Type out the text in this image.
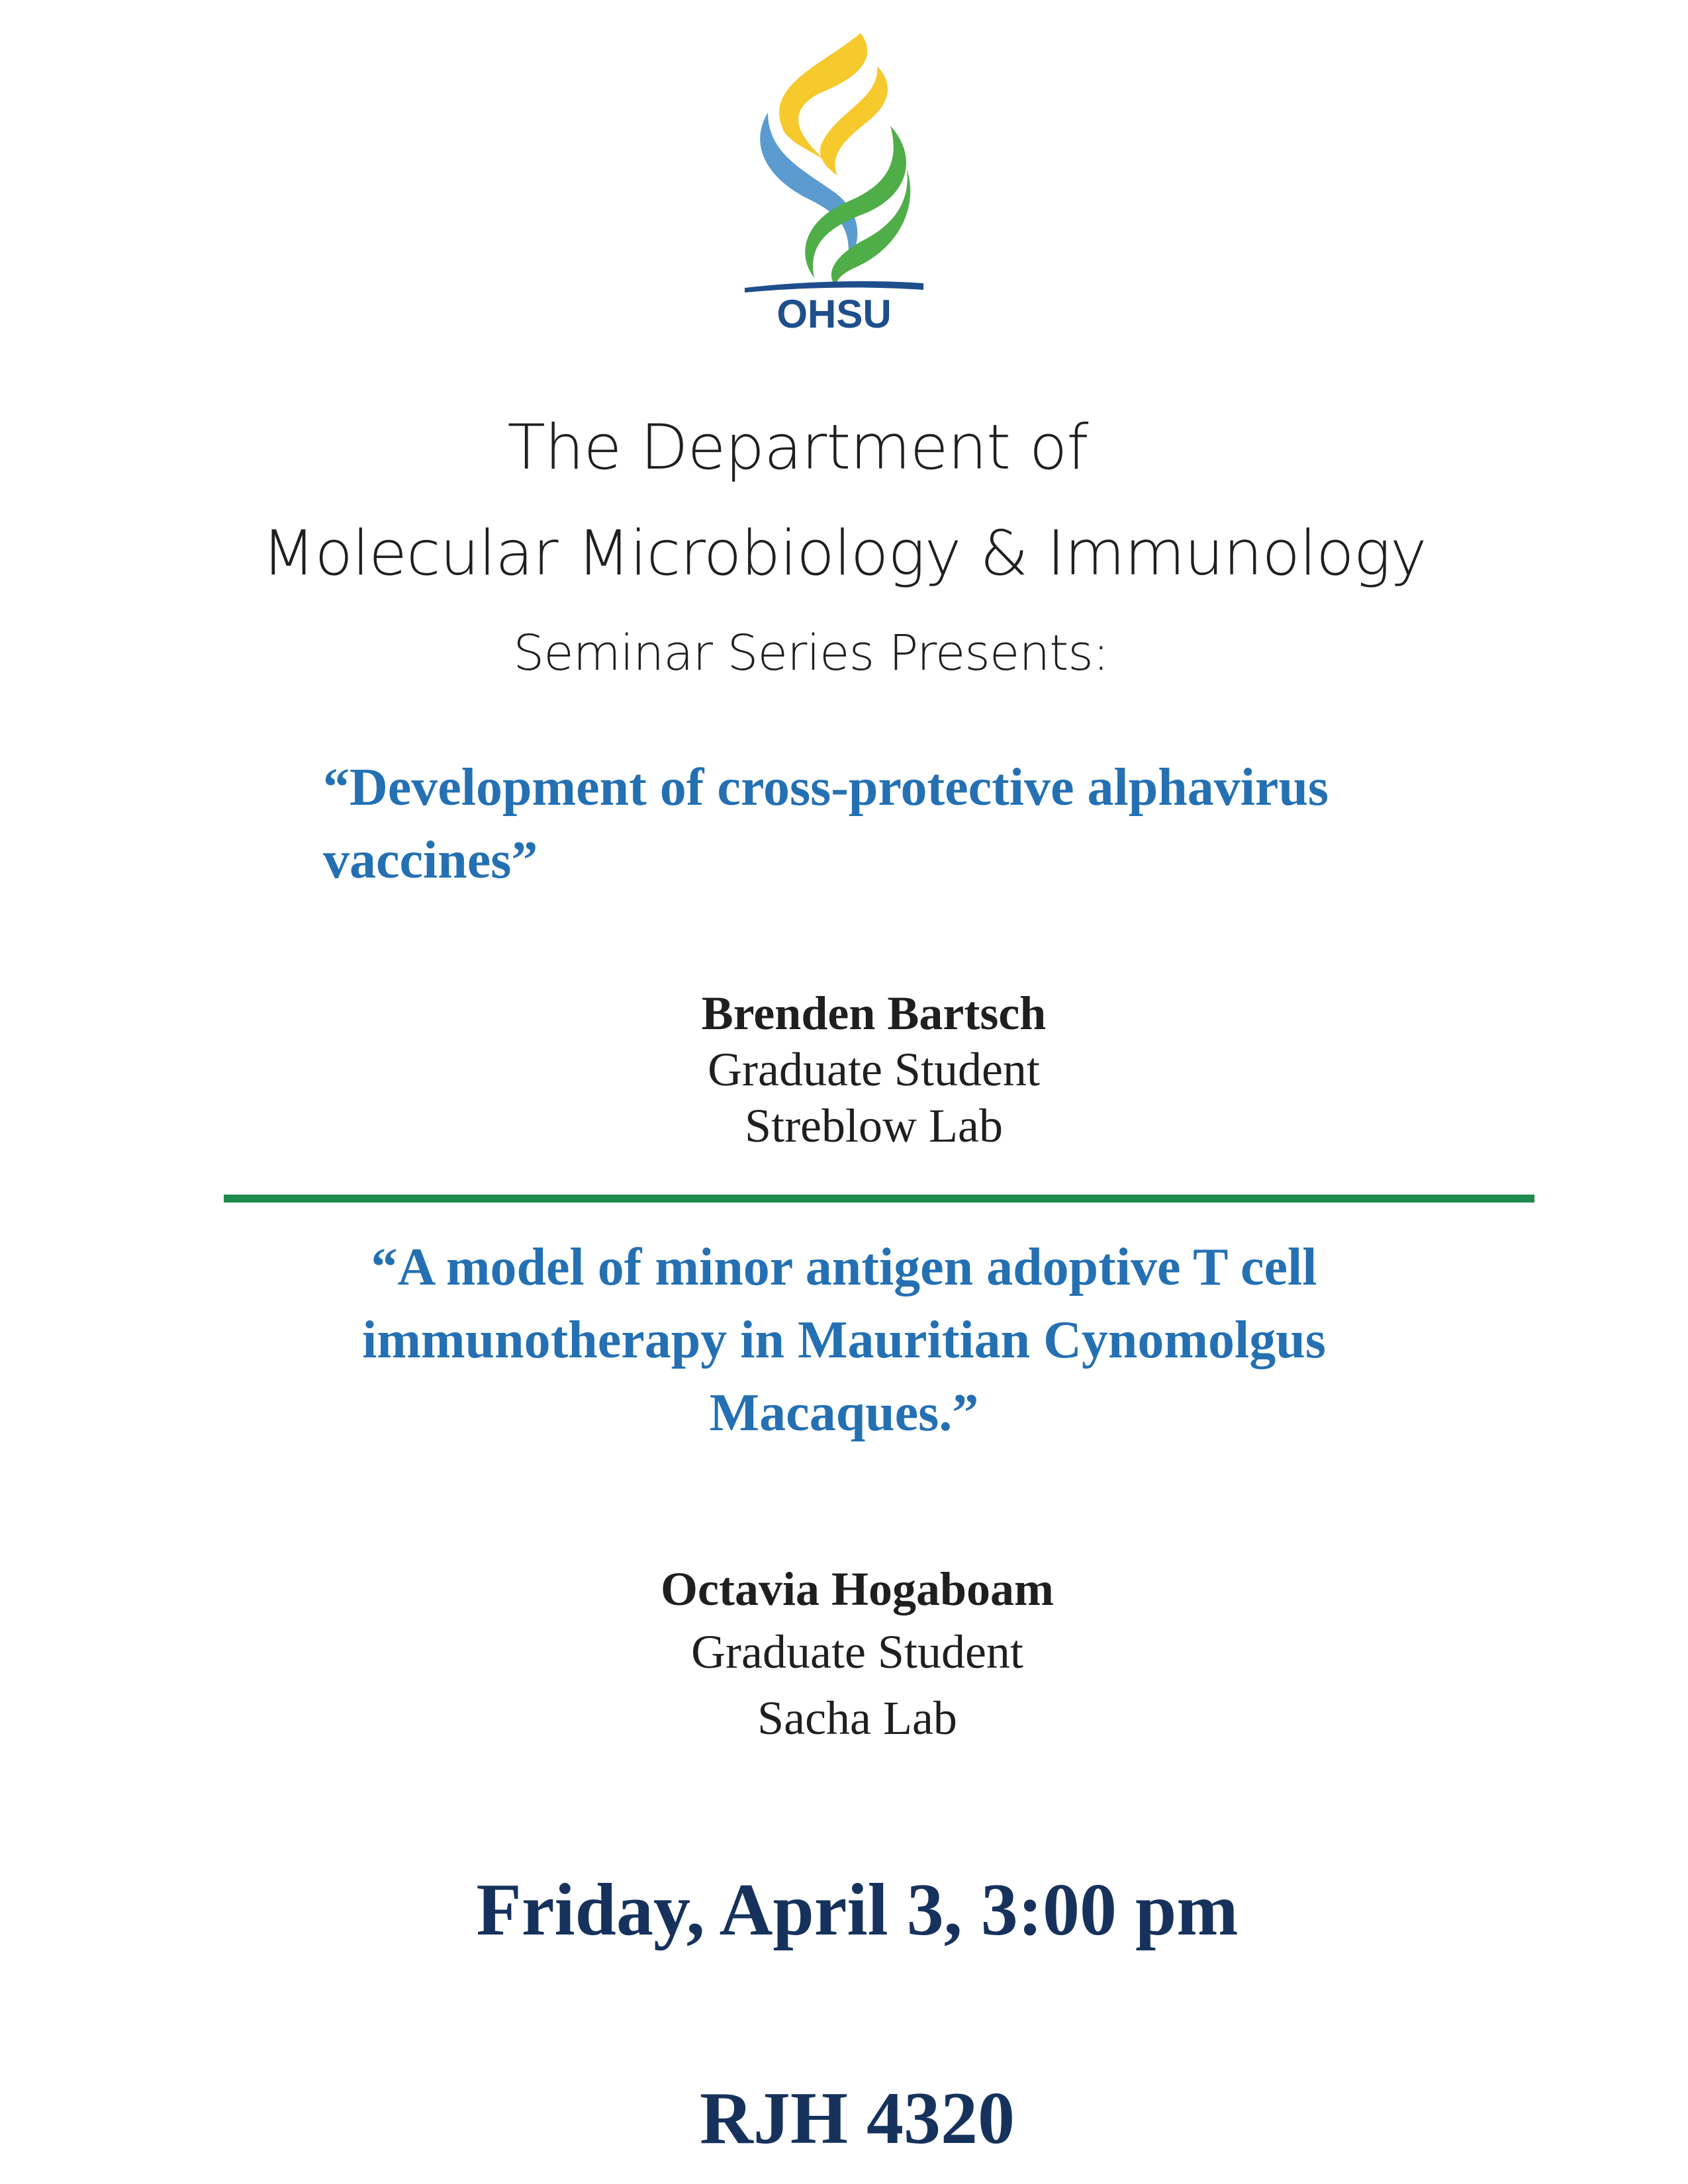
OHSU

The Department of

Molecular Microbiology & Immunology

Seminar Series Presents:

“Development of cross-protective alphavirus

vaccines”

Brenden Bartsch

Graduate Student

Streblow Lab

“A model of minor antigen adoptive T cell

immunotherapy in Mauritian Cynomolgus

Macaques.”

Octavia Hogaboam

Graduate Student

Sacha Lab

Friday, April 3, 3:00 pm

RJH 4320
